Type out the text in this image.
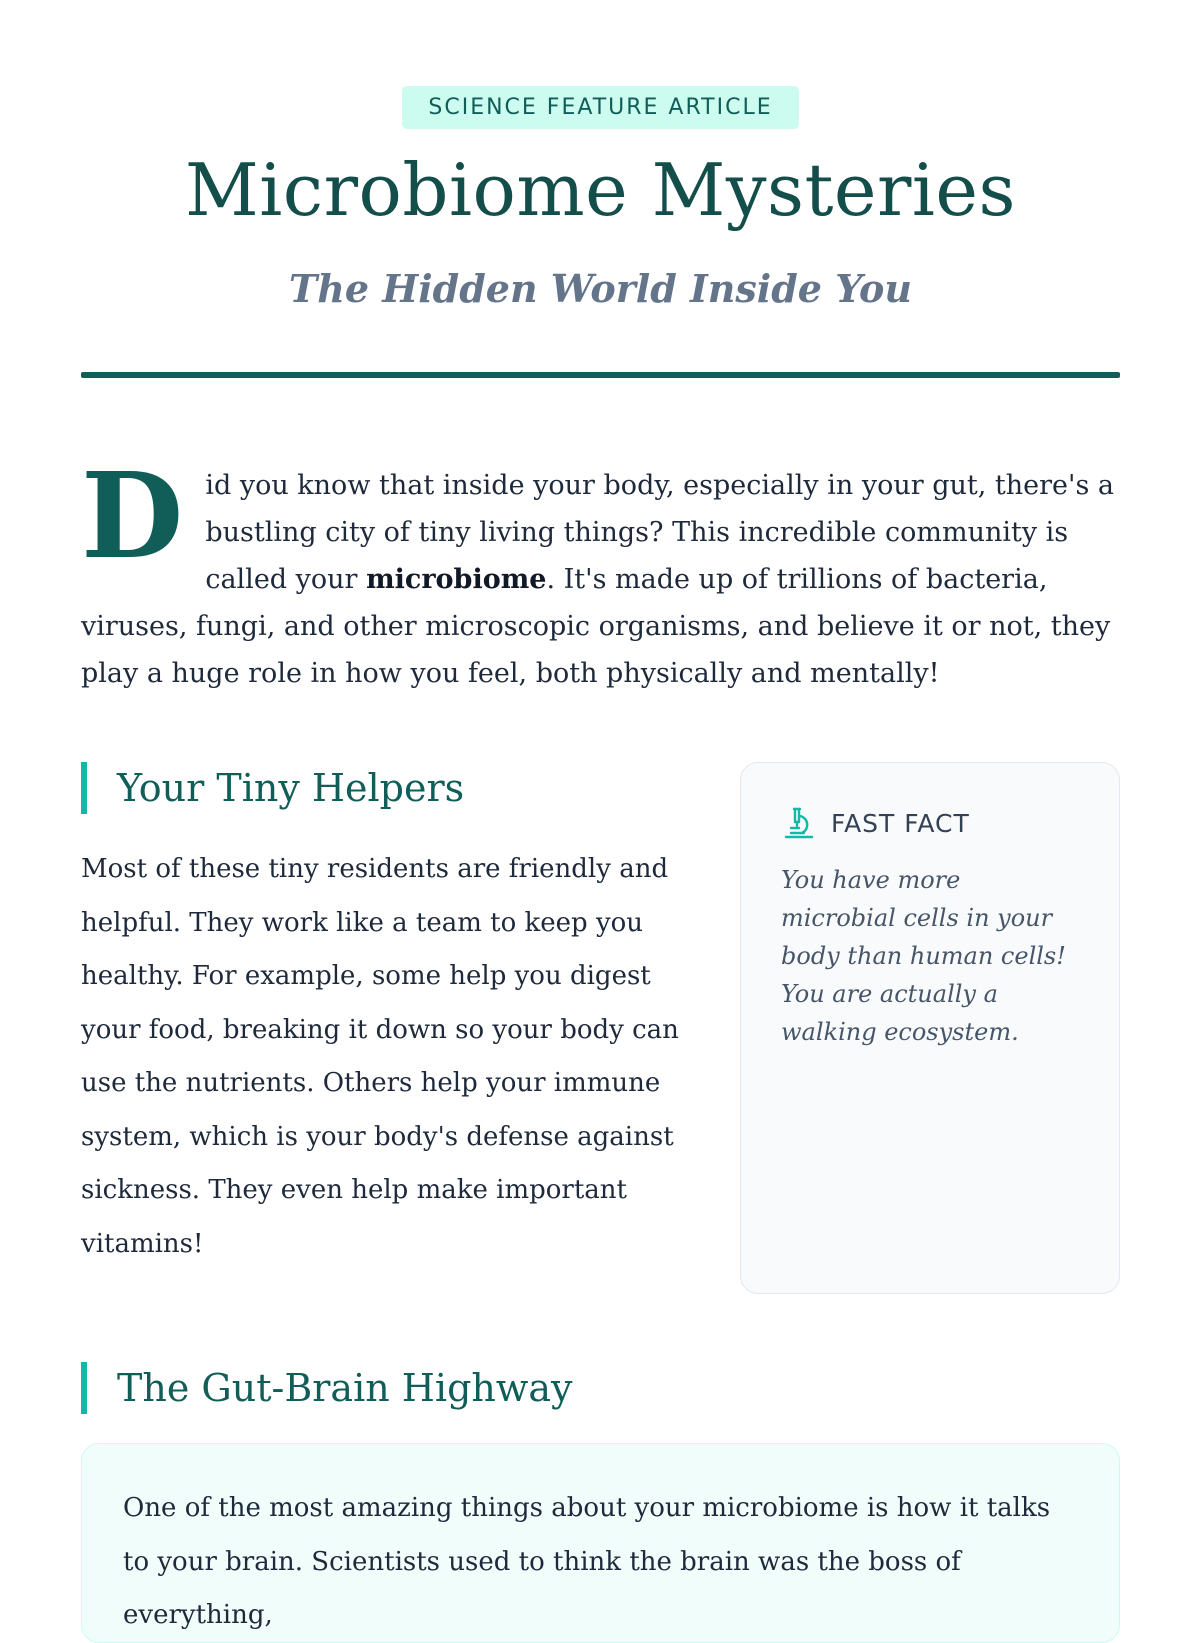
SCIENCE FEATURE ARTICLE
Microbiome Mysteries
The Hidden World Inside You

Did you know that inside your body, especially in your gut, there's a bustling city of tiny living things? This incredible community is called your microbiome. It's made up of trillions of bacteria, viruses, fungi, and other microscopic organisms, and believe it or not, they play a huge role in how you feel, both physically and mentally!

Your Tiny Helpers

Most of these tiny residents are friendly and helpful. They work like a team to keep you healthy. For example, some help you digest your food, breaking it down so your body can use the nutrients. Others help your immune system, which is your body's defense against sickness. They even help make important vitamins!

FAST FACT

You have more microbial cells in your body than human cells! You are actually a walking ecosystem.

The Gut-Brain Highway

One of the most amazing things about your microbiome is how it talks to your brain. Scientists used to think the brain was the boss of everything,
